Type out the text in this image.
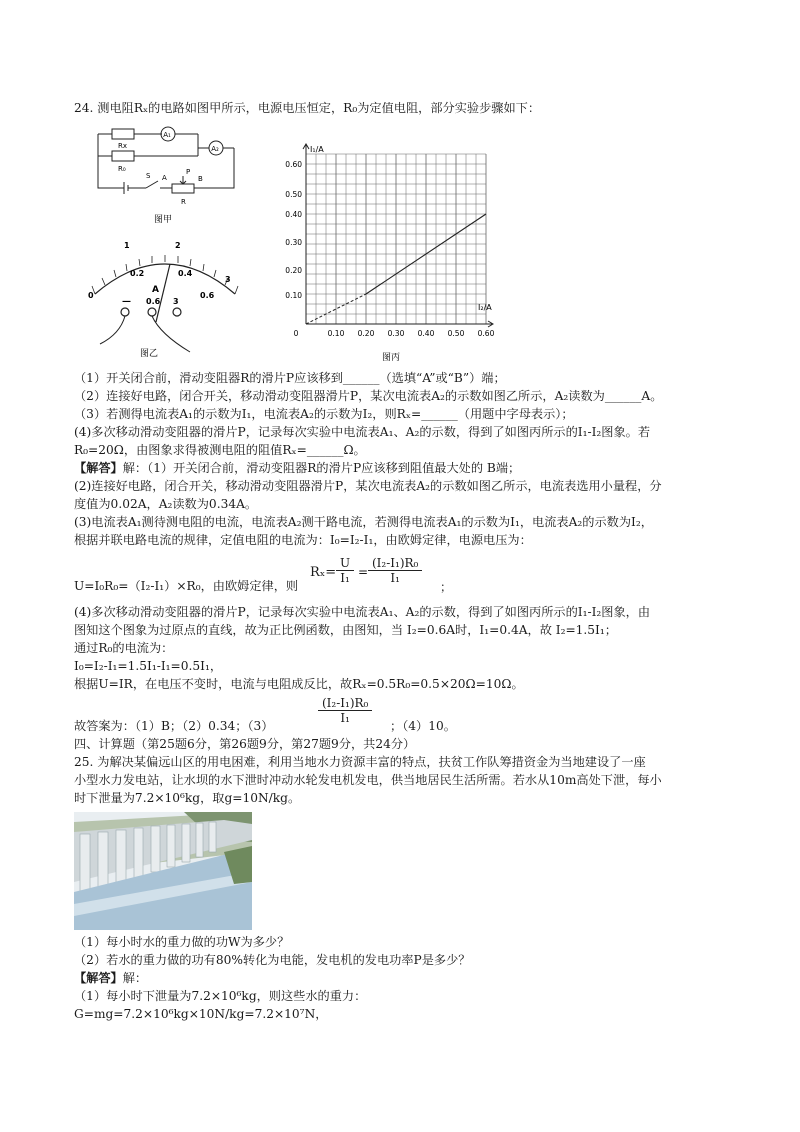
24. 测电阻Rₓ的电路如图甲所示，电源电压恒定，R₀为定值电阻，部分实验步骤如下：
A₁
A₂
Rx
R₀
S A
P
B
R
图甲
0
0.2	0.4
0.6
1	2
3
A
— 0.6 3
图乙
I₁/A
I₂/A
0.60
0.50
0.40
0.30
0.20
0.10
0	0.10 0.20 0.30 0.40 0.50 0.60
图丙
（1）开关闭合前，滑动变阻器R的滑片P应该移到______（选填“A”或“B”）端；
（2）连接好电路，闭合开关，移动滑动变阻器滑片P，某次电流表A₂的示数如图乙所示，A₂读数为______A。
（3）若测得电流表A₁的示数为I₁，电流表A₂的示数为I₂，则Rₓ=______（用题中字母表示）；
(4)多次移动滑动变阻器的滑片P，记录每次实验中电流表A₁、A₂的示数，得到了如图丙所示的I₁-I₂图象。若
R₀=20Ω，由图象求得被测电阻的阻值Rₓ=______Ω。
【解答】解：（1）开关闭合前，滑动变阻器R的滑片P应该移到阻值最大处的 B端；
(2)连接好电路，闭合开关，移动滑动变阻器滑片P，某次电流表A₂的示数如图乙所示，电流表选用小量程，分
度值为0.02A，A₂读数为0.34A。
(3)电流表A₁测待测电阻的电流，电流表A₂测干路电流，若测得电流表A₁的示数为I₁，电流表A₂的示数为I₂，
根据并联电路电流的规律，定值电阻的电流为：I₀=I₂-I₁，由欧姆定律，电源电压为：
U=I₀R₀=（I₂-I₁）×R₀，由欧姆定律，则
$R_x= \frac{U}{\text{I₁}} = \frac{\text{(I₂-I₁)R₀}}{\text{I₁}}$
；
(4)多次移动滑动变阻器的滑片P，记录每次实验中电流表A₁、A₂的示数，得到了如图丙所示的I₁-I₂图象，由
图知这个图象为过原点的直线，故为正比例函数，由图知，当 I₂=0.6A时，I₁=0.4A，故 I₂=1.5I₁；
通过R₀的电流为：
I₀=I₂-I₁=1.5I₁-I₁=0.5I₁，
根据U=IR，在电压不变时，电流与电阻成反比，故Rₓ=0.5R₀=0.5×20Ω=10Ω。
$\frac{\text{(I₂-I₁)R₀}}{\text{I₁}}$
故答案为：（1）B；（2）0.34；（3）	；（4）10。
四、计算题（第25题6分，第26题9分，第27题9分，共24分）
25. 为解决某偏远山区的用电困难，利用当地水力资源丰富的特点，扶贫工作队筹措资金为当地建设了一座
小型水力发电站，让水坝的水下泄时冲动水轮发电机发电，供当地居民生活所需。若水从10m高处下泄，每小
时下泄量为7.2×10⁶kg，取g=10N/kg。
（1）每小时水的重力做的功W为多少？
（2）若水的重力做的功有80%转化为电能，发电机的发电功率P是多少？
【解答】解：
（1）每小时下泄量为7.2×10⁶kg，则这些水的重力：
G=mg=7.2×10⁶kg×10N/kg=7.2×10⁷N，
